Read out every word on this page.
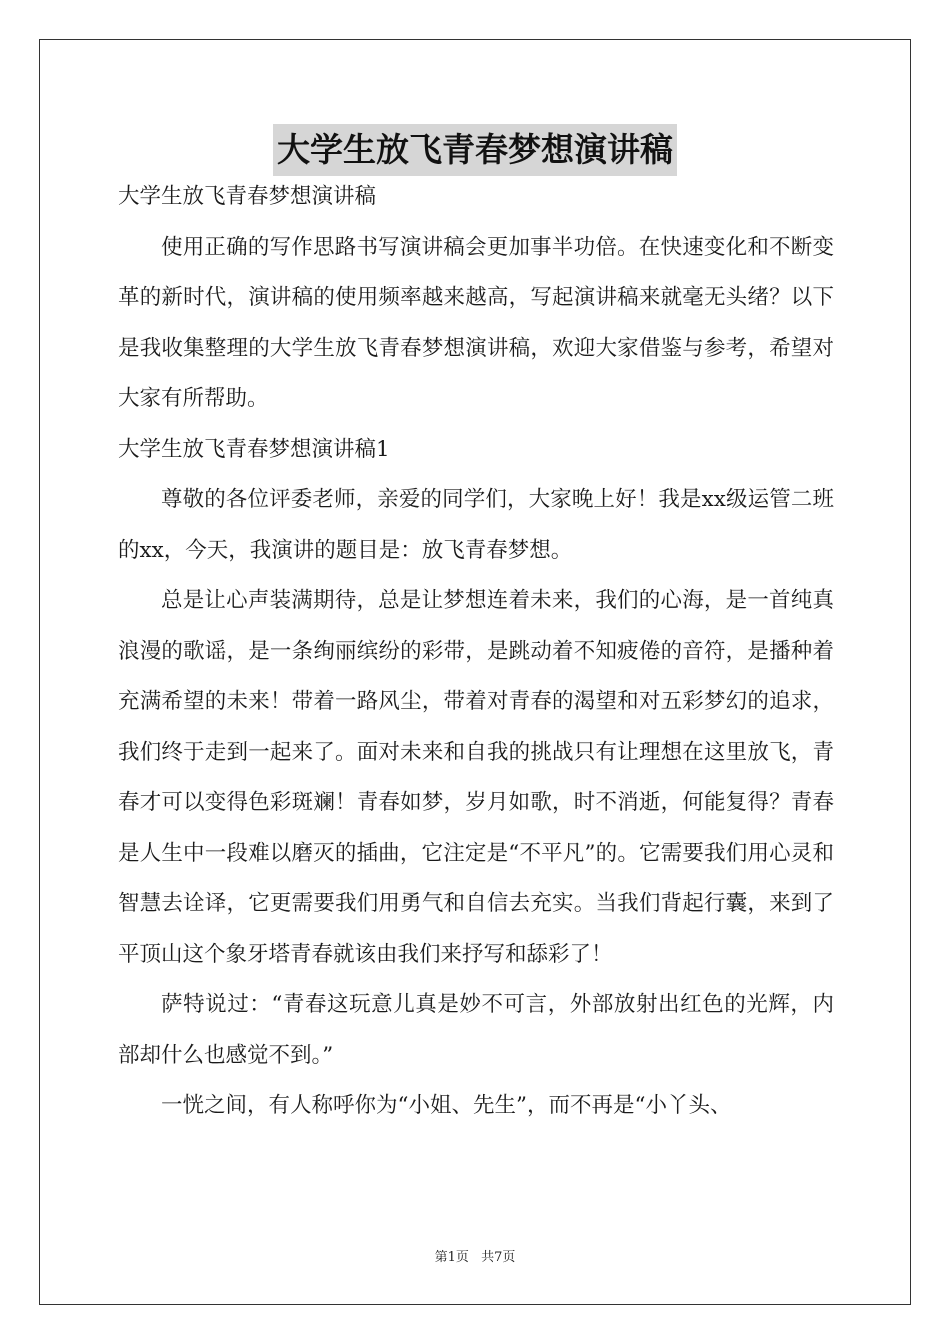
大学生放飞青春梦想演讲稿

大学生放飞青春梦想演讲稿

使用正确的写作思路书写演讲稿会更加事半功倍。在快速变化和不断变革的新时代，演讲稿的使用频率越来越高，写起演讲稿来就毫无头绪？以下是我收集整理的大学生放飞青春梦想演讲稿，欢迎大家借鉴与参考，希望对大家有所帮助。

大学生放飞青春梦想演讲稿1

尊敬的各位评委老师，亲爱的同学们，大家晚上好！我是xx级运管二班的xx，今天，我演讲的题目是：放飞青春梦想。

总是让心声装满期待，总是让梦想连着未来，我们的心海，是一首纯真浪漫的歌谣，是一条绚丽缤纷的彩带，是跳动着不知疲倦的音符，是播种着充满希望的未来！带着一路风尘，带着对青春的渴望和对五彩梦幻的追求，我们终于走到一起来了。面对未来和自我的挑战只有让理想在这里放飞，青春才可以变得色彩斑斓！青春如梦，岁月如歌，时不消逝，何能复得？青春是人生中一段难以磨灭的插曲，它注定是“不平凡”的。它需要我们用心灵和智慧去诠译，它更需要我们用勇气和自信去充实。当我们背起行囊，来到了平顶山这个象牙塔青春就该由我们来抒写和舔彩了！

萨特说过：“青春这玩意儿真是妙不可言，外部放射出红色的光辉，内部却什么也感觉不到。”

一恍之间，有人称呼你为“小姐、先生”，而不再是“小丫头、

第1页 共7页
